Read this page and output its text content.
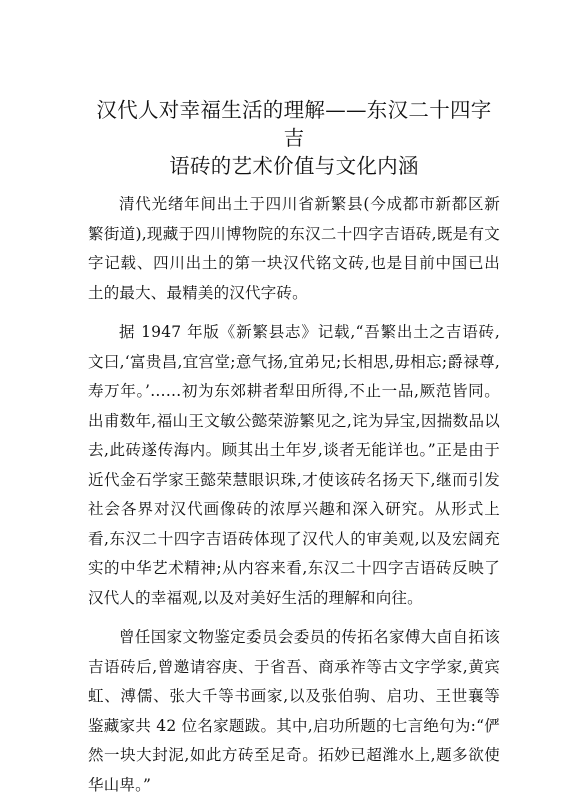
汉代人对幸福生活的理解——东汉二十四字吉
语砖的艺术价值与文化内涵

清代光绪年间出土于四川省新繁县(今成都市新都区新繁街道),现藏于四川博物院的东汉二十四字吉语砖,既是有文字记载、四川出土的第一块汉代铭文砖,也是目前中国已出土的最大、最精美的汉代字砖。

据 1947 年版《新繁县志》记载,“吾繁出土之吉语砖,文曰,‘富贵昌,宜宫堂;意气扬,宜弟兄;长相思,毋相忘;爵禄尊,寿万年。’……初为东郊耕者犁田所得,不止一品,厥范皆同。出甫数年,福山王文敏公懿荣游繁见之,诧为异宝,因揣数品以去,此砖遂传海内。顾其出土年岁,谈者无能详也。”正是由于近代金石学家王懿荣慧眼识珠,才使该砖名扬天下,继而引发社会各界对汉代画像砖的浓厚兴趣和深入研究。从形式上看,东汉二十四字吉语砖体现了汉代人的审美观,以及宏阔充实的中华艺术精神;从内容来看,东汉二十四字吉语砖反映了汉代人的幸福观,以及对美好生活的理解和向往。

曾任国家文物鉴定委员会委员的传拓名家傅大卣自拓该吉语砖后,曾邀请容庚、于省吾、商承祚等古文字学家,黄宾虹、溥儒、张大千等书画家,以及张伯驹、启功、王世襄等鉴藏家共 42 位名家题跋。其中,启功所题的七言绝句为:“俨然一块大封泥,如此方砖至足奇。拓妙已超潍水上,题多欲使华山卑。”
